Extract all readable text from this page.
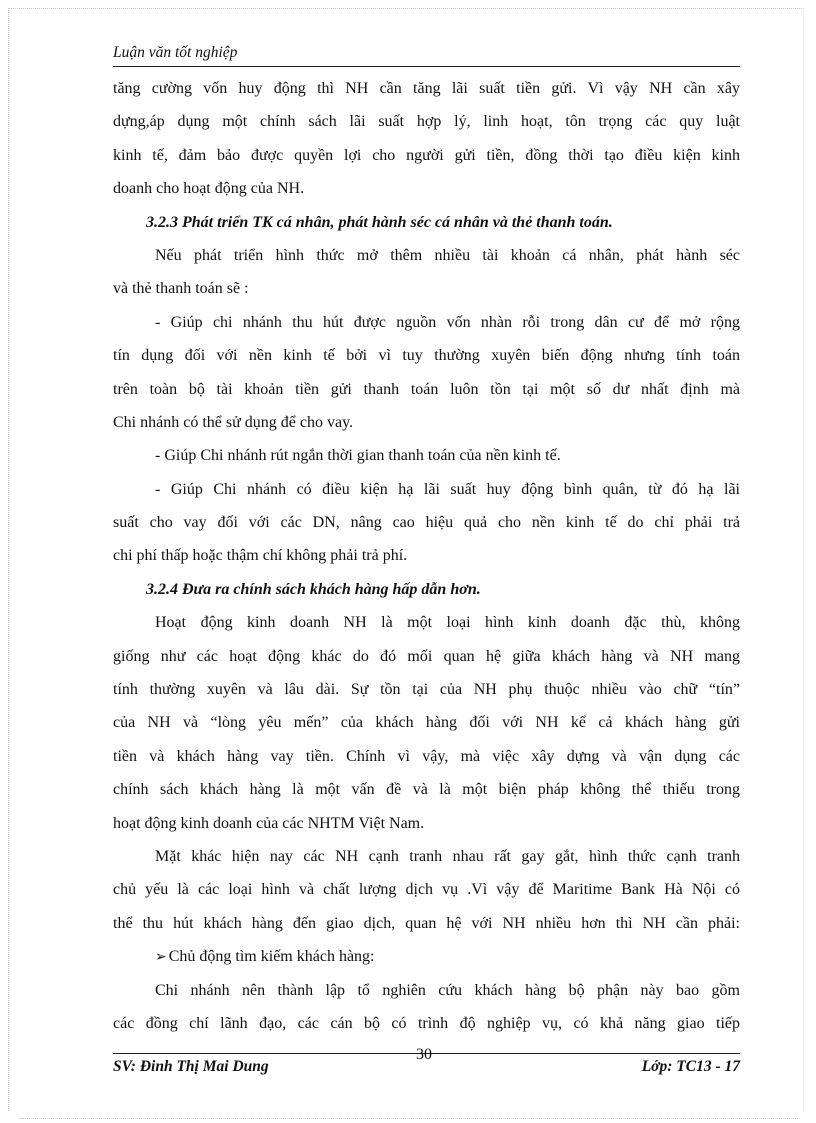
Luận văn tốt nghiệp
tăng cường vốn huy động thì NH cần tăng lãi suất tiền gửi. Vì vậy NH cần xây
dựng,áp dụng một chính sách lãi suất hợp lý, linh hoạt, tôn trọng các quy luật
kinh tế, đảm bảo được quyền lợi cho người gửi tiền, đồng thời tạo điều kiện kinh
doanh cho hoạt động của NH.
3.2.3 Phát triển TK cá nhân, phát hành séc cá nhân và thẻ thanh toán.
Nếu phát triển hình thức mở thêm nhiều tài khoản cá nhân, phát hành séc
và thẻ thanh toán sẽ :
- Giúp chi nhánh thu hút được nguồn vốn nhàn rỗi trong dân cư để mở rộng
tín dụng đối với nền kinh tế bởi vì tuy thường xuyên biến động nhưng tính toán
trên toàn bộ tài khoản tiền gửi thanh toán luôn tồn tại một số dư nhất định mà
Chi nhánh có thể sử dụng để cho vay.
- Giúp Chi nhánh rút ngắn thời gian thanh toán của nền kinh tế.
- Giúp Chi nhánh có điều kiện hạ lãi suất huy động bình quân, từ đó hạ lãi
suất cho vay đối với các DN, nâng cao hiệu quả cho nền kinh tế do chỉ phải trả
chi phí thấp hoặc thậm chí không phải trả phí.
3.2.4 Đưa ra chính sách khách hàng hấp dẫn hơn.
Hoạt động kinh doanh NH là một loại hình kinh doanh đặc thù, không
giống như các hoạt động khác do đó mối quan hệ giữa khách hàng và NH mang
tính thường xuyên và lâu dài. Sự tồn tại của NH phụ thuộc nhiều vào chữ “tín”
của NH và “lòng yêu mến” của khách hàng đối với NH kể cả khách hàng gửi
tiền và khách hàng vay tiền. Chính vì vậy, mà việc xây dựng và vận dụng các
chính sách khách hàng là một vấn đề và là một biện pháp không thể thiếu trong
hoạt động kinh doanh của các NHTM Việt Nam.
Mặt khác hiện nay các NH cạnh tranh nhau rất gay gắt, hình thức cạnh tranh
chủ yếu là các loại hình và chất lượng dịch vụ .Vì vậy để Maritime Bank Hà Nội có
thể thu hút khách hàng đến giao dịch, quan hệ với NH nhiều hơn thì NH cần phải:
➢ Chủ động tìm kiếm khách hàng:
Chi nhánh nên thành lập tổ nghiên cứu khách hàng bộ phận này bao gồm
các đồng chí lãnh đạo, các cán bộ có trình độ nghiệp vụ, có khả năng giao tiếp
SV: Đinh Thị Mai Dung
30
Lớp: TC13 - 17
